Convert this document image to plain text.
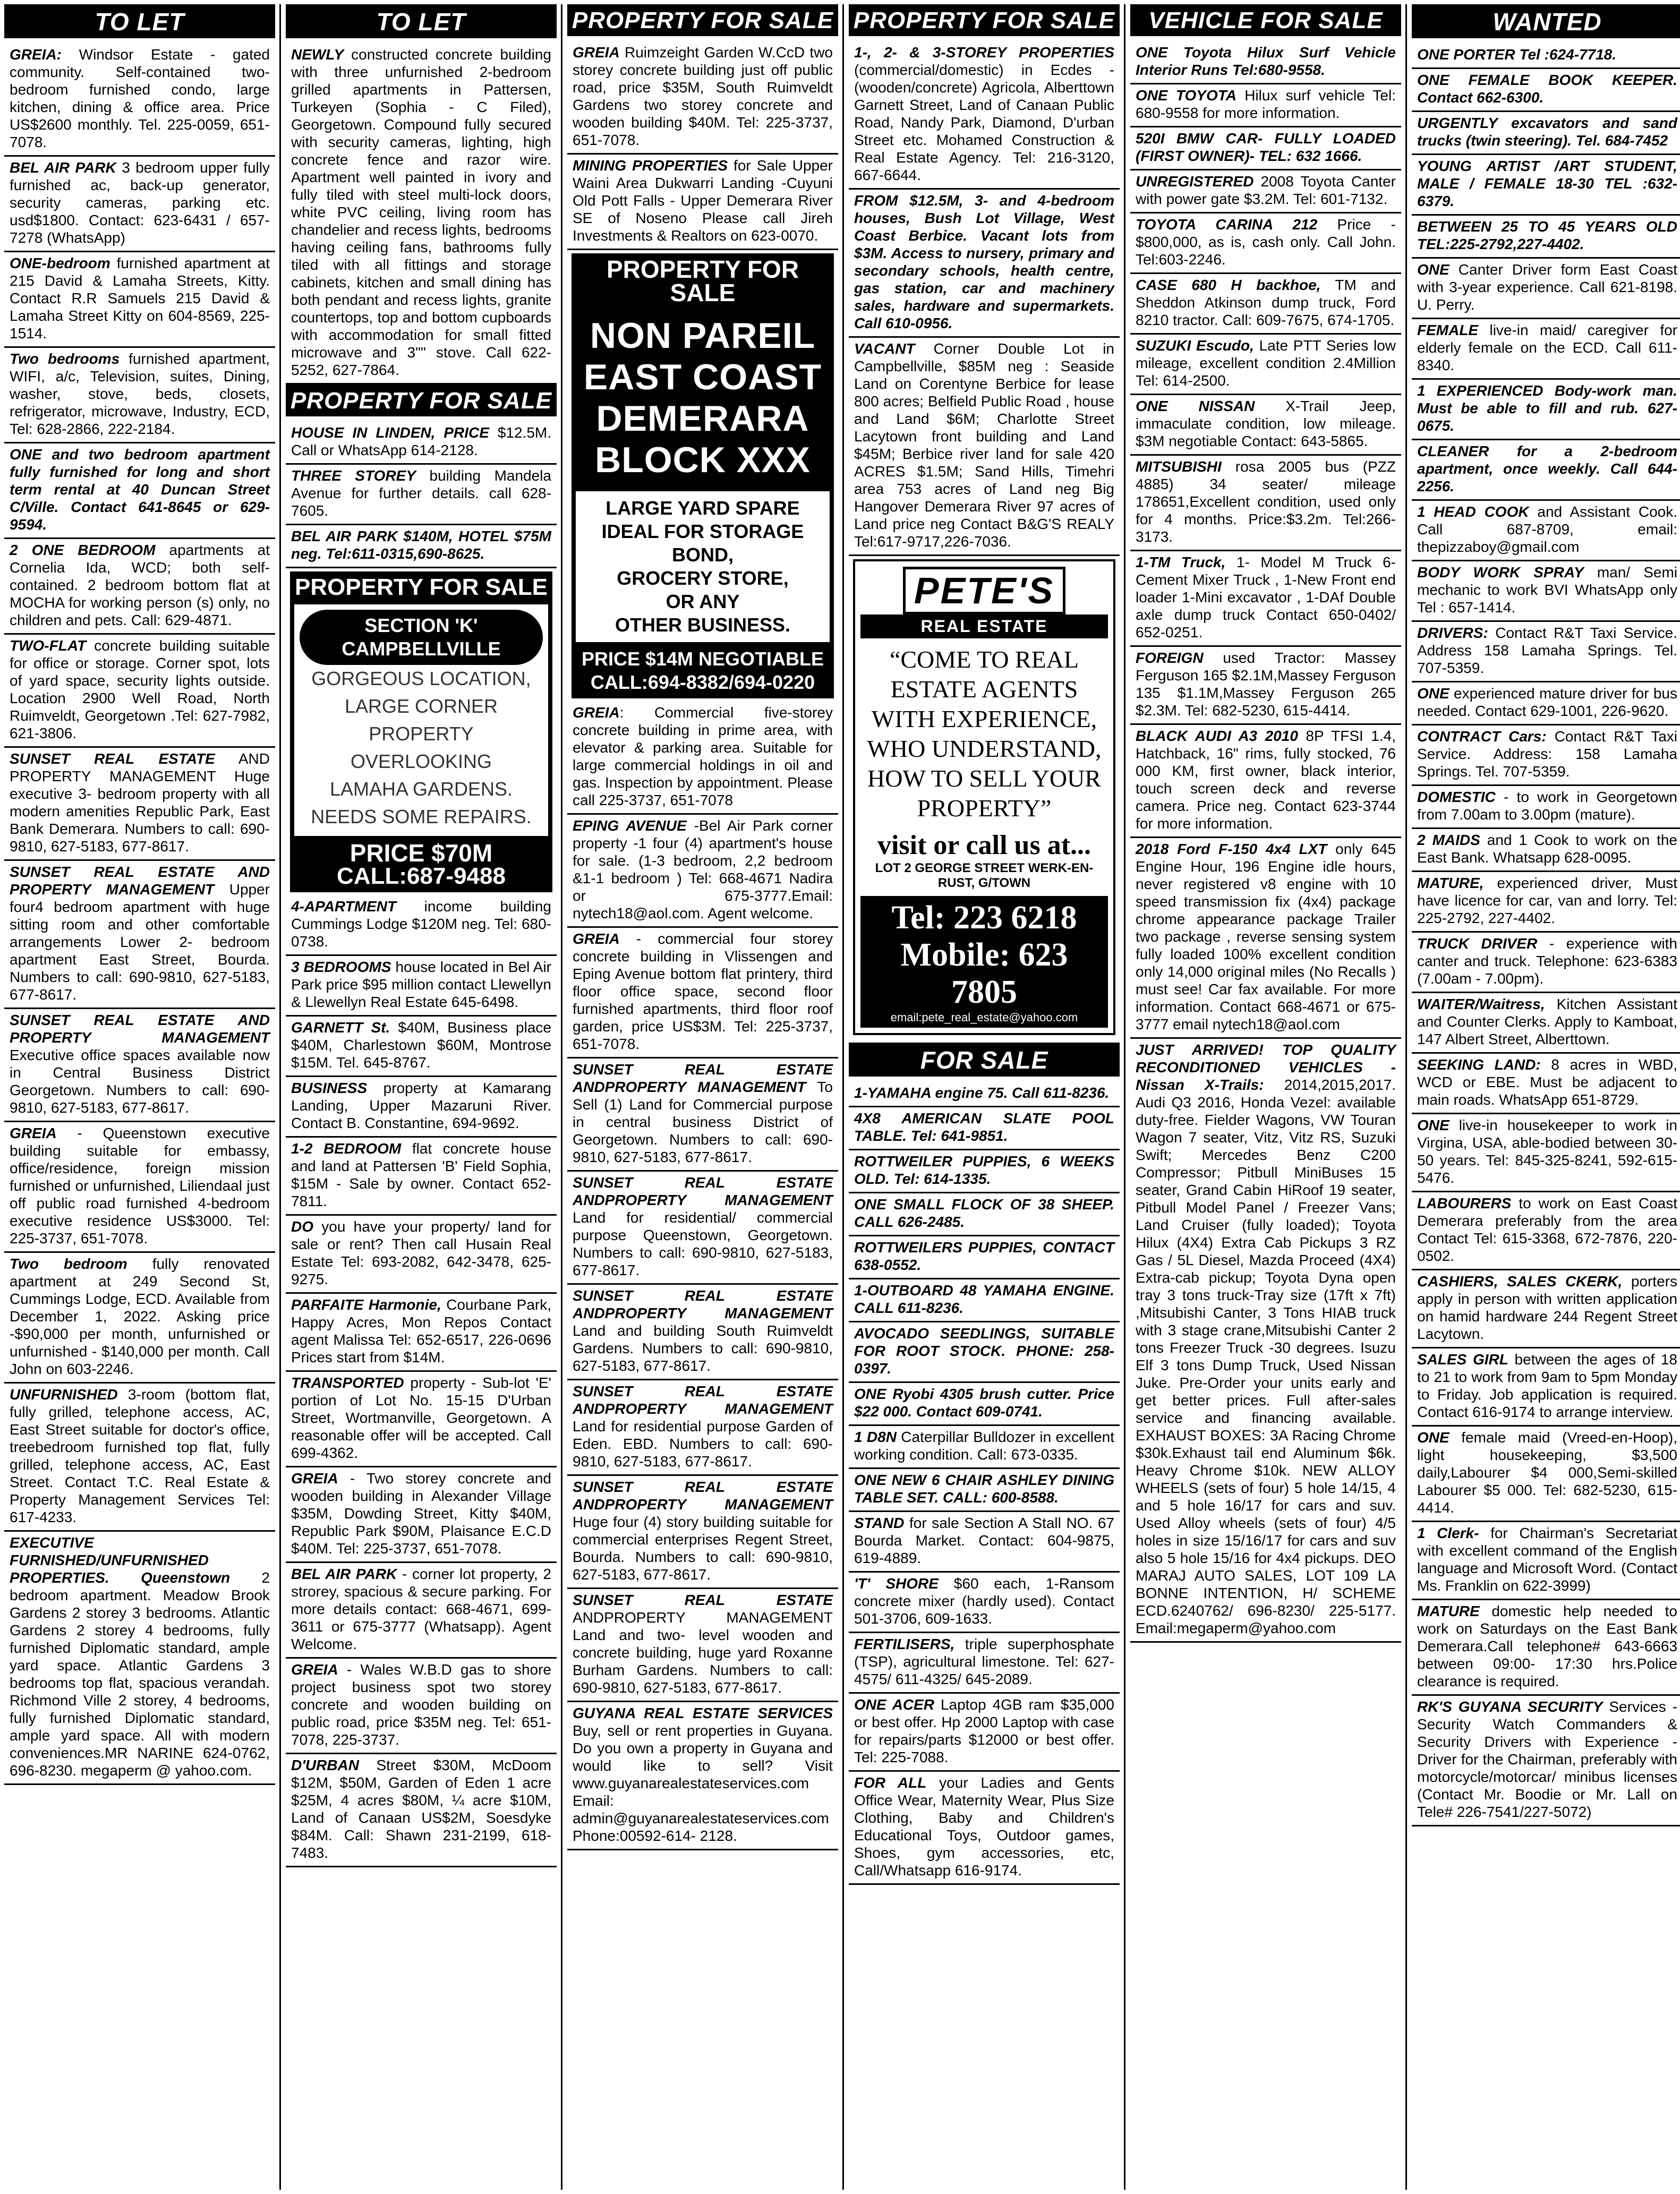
TO LET
GREIA: Windsor Estate - gated community. Self-contained two-bedroom furnished condo, large kitchen, dining & office area. Price US$2600 monthly. Tel. 225-0059, 651-7078.
BEL AIR PARK 3 bedroom upper fully furnished ac, back-up generator, security cameras, parking etc. usd$1800. Contact: 623-6431 / 657-7278 (WhatsApp)
ONE-bedroom furnished apartment at 215 David & Lamaha Streets, Kitty. Contact R.R Samuels 215 David & Lamaha Street Kitty on 604-8569, 225-1514.
Two bedrooms furnished apartment, WIFI, a/c, Television, suites, Dining, washer, stove, beds, closets, refrigerator, microwave, Industry, ECD, Tel: 628-2866, 222-2184.
ONE and two bedroom apartment fully furnished for long and short term rental at 40 Duncan Street C/Ville. Contact 641-8645 or 629-9594.
2 ONE BEDROOM apartments at Cornelia Ida, WCD; both self-contained. 2 bedroom bottom flat at MOCHA for working person (s) only, no children and pets. Call: 629-4871.
TWO-FLAT concrete building suitable for office or storage. Corner spot, lots of yard space, security lights outside. Location 2900 Well Road, North Ruimveldt, Georgetown .Tel: 627-7982, 621-3806.
SUNSET REAL ESTATE AND PROPERTY MANAGEMENT Huge executive 3- bedroom property with all modern amenities Republic Park, East Bank Demerara. Numbers to call: 690-9810, 627-5183, 677-8617.
SUNSET REAL ESTATE AND PROPERTY MANAGEMENT Upper four4 bedroom apartment with huge sitting room and other comfortable arrangements Lower 2- bedroom apartment East Street, Bourda. Numbers to call: 690-9810, 627-5183, 677-8617.
SUNSET REAL ESTATE AND PROPERTY MANAGEMENT Executive office spaces available now in Central Business District Georgetown. Numbers to call: 690-9810, 627-5183, 677-8617.
GREIA - Queenstown executive building suitable for embassy, office/residence, foreign mission furnished or unfurnished, Liliendaal just off public road furnished 4-bedroom executive residence US$3000. Tel: 225-3737, 651-7078.
Two bedroom fully renovated apartment at 249 Second St, Cummings Lodge, ECD. Available from December 1, 2022. Asking price -$90,000 per month, unfurnished or unfurnished - $140,000 per month. Call John on 603-2246.
UNFURNISHED 3-room (bottom flat, fully grilled, telephone access, AC, East Street suitable for doctor's office, treebedroom furnished top flat, fully grilled, telephone access, AC, East Street. Contact T.C. Real Estate & Property Management Services Tel: 617-4233.
EXECUTIVE FURNISHED/UNFURNISHED PROPERTIES. Queenstown 2 bedroom apartment. Meadow Brook Gardens 2 storey 3 bedrooms. Atlantic Gardens 2 storey 4 bedrooms, fully furnished Diplomatic standard, ample yard space. Atlantic Gardens 3 bedrooms top flat, spacious verandah. Richmond Ville 2 storey, 4 bedrooms, fully furnished Diplomatic standard, ample yard space. All with modern conveniences.MR NARINE 624-0762, 696-8230. megaperm @ yahoo.com.
TO LET
NEWLY constructed concrete building with three unfurnished 2-bedroom grilled apartments in Pattersen, Turkeyen (Sophia - C Filed), Georgetown. Compound fully secured with security cameras, lighting, high concrete fence and razor wire. Apartment well painted in ivory and fully tiled with steel multi-lock doors, white PVC ceiling, living room has chandelier and recess lights, bedrooms having ceiling fans, bathrooms fully tiled with all fittings and storage cabinets, kitchen and small dining has both pendant and recess lights, granite countertops, top and bottom cupboards with accommodation for small fitted microwave and 3"" stove. Call 622-5252, 627-7864.
PROPERTY FOR SALE
HOUSE IN LINDEN, PRICE $12.5M. Call or WhatsApp 614-2128.
THREE STOREY building Mandela Avenue for further details. call 628-7605.
BEL AIR PARK $140M, HOTEL $75M neg. Tel:611-0315,690-8625.
PROPERTY FOR SALE
SECTION 'K' CAMPBELLVILLE
GORGEOUS LOCATION,
LARGE CORNER
PROPERTY OVERLOOKING
LAMAHA GARDENS.
NEEDS SOME REPAIRS.
PRICE $70M
CALL:687-9488
4-APARTMENT income building Cummings Lodge $120M neg. Tel: 680-0738.
3 BEDROOMS house located in Bel Air Park price $95 million contact Llewellyn & Llewellyn Real Estate 645-6498.
GARNETT St. $40M, Business place $40M, Charlestown $60M, Montrose $15M. Tel. 645-8767.
BUSINESS property at Kamarang Landing, Upper Mazaruni River. Contact B. Constantine, 694-9692.
1-2 BEDROOM flat concrete house and land at Pattersen 'B' Field Sophia, $15M - Sale by owner. Contact 652-7811.
DO you have your property/ land for sale or rent? Then call Husain Real Estate Tel: 693-2082, 642-3478, 625-9275.
PARFAITE Harmonie, Courbane Park, Happy Acres, Mon Repos Contact agent Malissa Tel: 652-6517, 226-0696 Prices start from $14M.
TRANSPORTED property - Sub-lot 'E' portion of Lot No. 15-15 D'Urban Street, Wortmanville, Georgetown. A reasonable offer will be accepted. Call 699-4362.
GREIA - Two storey concrete and wooden building in Alexander Village $35M, Dowding Street, Kitty $40M, Republic Park $90M, Plaisance E.C.D $40M. Tel: 225-3737, 651-7078.
BEL AIR PARK - corner lot property, 2 strorey, spacious & secure parking. For more details contact: 668-4671, 699-3611 or 675-3777 (Whatsapp). Agent Welcome.
GREIA - Wales W.B.D gas to shore project business spot two storey concrete and wooden building on public road, price $35M neg. Tel: 651-7078, 225-3737.
D'URBAN Street $30M, McDoom $12M, $50M, Garden of Eden 1 acre $25M, 4 acres $80M, ¼ acre $10M, Land of Canaan US$2M, Soesdyke $84M. Call: Shawn 231-2199, 618-7483.
PROPERTY FOR SALE
GREIA Ruimzeight Garden W.CcD two storey concrete building just off public road, price $35M, South Ruimveldt Gardens two storey concrete and wooden building $40M. Tel: 225-3737, 651-7078.
MINING PROPERTIES for Sale Upper Waini Area Dukwarri Landing -Cuyuni Old Pott Falls - Upper Demerara River SE of Noseno Please call Jireh Investments & Realtors on 623-0070.
PROPERTY FOR SALE
NON PAREIL
EAST COAST
DEMERARA
BLOCK XXX
LARGE YARD SPARE
IDEAL FOR STORAGE
BOND,
GROCERY STORE,
OR ANY
OTHER BUSINESS.
PRICE $14M NEGOTIABLE
CALL:694-8382/694-0220
GREIA: Commercial five-storey concrete building in prime area, with elevator & parking area. Suitable for large commercial holdings in oil and gas. Inspection by appointment. Please call 225-3737, 651-7078
EPING AVENUE -Bel Air Park corner property -1 four (4) apartment's house for sale. (1-3 bedroom, 2,2 bedroom &1-1 bedroom ) Tel: 668-4671 Nadira or 675-3777.Email: nytech18@aol.com. Agent welcome.
GREIA - commercial four storey concrete building in Vlissengen and Eping Avenue bottom flat printery, third floor office space, second floor furnished apartments, third floor roof garden, price US$3M. Tel: 225-3737, 651-7078.
SUNSET REAL ESTATE ANDPROPERTY MANAGEMENT To Sell (1) Land for Commercial purpose in central business District of Georgetown. Numbers to call: 690-9810, 627-5183, 677-8617.
SUNSET REAL ESTATE ANDPROPERTY MANAGEMENT Land for residential/ commercial purpose Queenstown, Georgetown. Numbers to call: 690-9810, 627-5183, 677-8617.
SUNSET REAL ESTATE ANDPROPERTY MANAGEMENT Land and building South Ruimveldt Gardens. Numbers to call: 690-9810, 627-5183, 677-8617.
SUNSET REAL ESTATE ANDPROPERTY MANAGEMENT Land for residential purpose Garden of Eden. EBD. Numbers to call: 690-9810, 627-5183, 677-8617.
SUNSET REAL ESTATE ANDPROPERTY MANAGEMENT Huge four (4) story building suitable for commercial enterprises Regent Street, Bourda. Numbers to call: 690-9810, 627-5183, 677-8617.
SUNSET REAL ESTATE ANDPROPERTY MANAGEMENT Land and two- level wooden and concrete building, huge yard Roxanne Burham Gardens. Numbers to call: 690-9810, 627-5183, 677-8617.
GUYANA REAL ESTATE SERVICES Buy, sell or rent properties in Guyana. Do you own a property in Guyana and would like to sell? Visit www.guyanarealestateservices.com Email: admin@guyanarealestateservices.com Phone:00592-614- 2128.
PROPERTY FOR SALE
1-, 2- & 3-STOREY PROPERTIES (commercial/domestic) in Ecdes - (wooden/concrete) Agricola, Alberttown Garnett Street, Land of Canaan Public Road, Nandy Park, Diamond, D'urban Street etc. Mohamed Construction & Real Estate Agency. Tel: 216-3120, 667-6644.
FROM $12.5M, 3- and 4-bedroom houses, Bush Lot Village, West Coast Berbice. Vacant lots from $3M. Access to nursery, primary and secondary schools, health centre, gas station, car and machinery sales, hardware and supermarkets. Call 610-0956.
VACANT Corner Double Lot in Campbellville, $85M neg : Seaside Land on Corentyne Berbice for lease 800 acres; Belfield Public Road , house and Land $6M; Charlotte Street Lacytown front building and Land $45M; Berbice river land for sale 420 ACRES $1.5M; Sand Hills, Timehri area 753 acres of Land neg Big Hangover Demerara River 97 acres of Land price neg Contact B&G'S REALY Tel:617-9717,226-7036.
PETE'S
REAL ESTATE
“COME TO REAL ESTATE AGENTS WITH EXPERIENCE, WHO UNDERSTAND, HOW TO SELL YOUR PROPERTY”
visit or call us at...
LOT 2 GEORGE STREET WERK-EN-RUST, G/TOWN
Tel: 223 6218
Mobile: 623 7805
email:pete_real_estate@yahoo.com
FOR SALE
1-YAMAHA engine 75. Call 611-8236.
4X8 AMERICAN SLATE POOL TABLE. Tel: 641-9851.
ROTTWEILER PUPPIES, 6 WEEKS OLD. Tel: 614-1335.
ONE SMALL FLOCK OF 38 SHEEP. CALL 626-2485.
ROTTWEILERS PUPPIES, CONTACT 638-0552.
1-OUTBOARD 48 YAMAHA ENGINE. CALL 611-8236.
AVOCADO SEEDLINGS, SUITABLE FOR ROOT STOCK. PHONE: 258-0397.
ONE Ryobi 4305 brush cutter. Price $22 000. Contact 609-0741.
1 D8N Caterpillar Bulldozer in excellent working condition. Call: 673-0335.
ONE NEW 6 CHAIR ASHLEY DINING TABLE SET. CALL: 600-8588.
STAND for sale Section A Stall NO. 67 Bourda Market. Contact: 604-9875, 619-4889.
'T' SHORE $60 each, 1-Ransom concrete mixer (hardly used). Contact 501-3706, 609-1633.
FERTILISERS, triple superphosphate (TSP), agricultural limestone. Tel: 627-4575/ 611-4325/ 645-2089.
ONE ACER Laptop 4GB ram $35,000 or best offer. Hp 2000 Laptop with case for repairs/parts $12000 or best offer. Tel: 225-7088.
FOR ALL your Ladies and Gents Office Wear, Maternity Wear, Plus Size Clothing, Baby and Children's Educational Toys, Outdoor games, Shoes, gym accessories, etc, Call/Whatsapp 616-9174.
VEHICLE FOR SALE
ONE Toyota Hilux Surf Vehicle Interior Runs Tel:680-9558.
ONE TOYOTA Hilux surf vehicle Tel: 680-9558 for more information.
520I BMW CAR- FULLY LOADED (FIRST OWNER)- TEL: 632 1666.
UNREGISTERED 2008 Toyota Canter with power gate $3.2M. Tel: 601-7132.
TOYOTA CARINA 212 Price - $800,000, as is, cash only. Call John. Tel:603-2246.
CASE 680 H backhoe, TM and Sheddon Atkinson dump truck, Ford 8210 tractor. Call: 609-7675, 674-1705.
SUZUKI Escudo, Late PTT Series low mileage, excellent condition 2.4Million Tel: 614-2500.
ONE NISSAN X-Trail Jeep, immaculate condition, low mileage. $3M negotiable Contact: 643-5865.
MITSUBISHI rosa 2005 bus (PZZ 4885) 34 seater/ mileage 178651,Excellent condition, used only for 4 months. Price:$3.2m. Tel:266-3173.
1-TM Truck, 1- Model M Truck 6-Cement Mixer Truck , 1-New Front end loader 1-Mini excavator , 1-DAf Double axle dump truck Contact 650-0402/ 652-0251.
FOREIGN used Tractor: Massey Ferguson 165 $2.1M,Massey Ferguson 135 $1.1M,Massey Ferguson 265 $2.3M. Tel: 682-5230, 615-4414.
BLACK AUDI A3 2010 8P TFSI 1.4, Hatchback, 16" rims, fully stocked, 76 000 KM, first owner, black interior, touch screen deck and reverse camera. Price neg. Contact 623-3744 for more information.
2018 Ford F-150 4x4 LXT only 645 Engine Hour, 196 Engine idle hours, never registered v8 engine with 10 speed transmission fix (4x4) package chrome appearance package Trailer two package , reverse sensing system fully loaded 100% excellent condition only 14,000 original miles (No Recalls ) must see! Car fax available. For more information. Contact 668-4671 or 675-3777 email nytech18@aol.com
JUST ARRIVED! TOP QUALITY RECONDITIONED VEHICLES - Nissan X-Trails: 2014,2015,2017. Audi Q3 2016, Honda Vezel: available duty-free. Fielder Wagons, VW Touran Wagon 7 seater, Vitz, Vitz RS, Suzuki Swift; Mercedes Benz C200 Compressor; Pitbull MiniBuses 15 seater, Grand Cabin HiRoof 19 seater, Pitbull Model Panel / Freezer Vans; Land Cruiser (fully loaded); Toyota Hilux (4X4) Extra Cab Pickups 3 RZ Gas / 5L Diesel, Mazda Proceed (4X4) Extra-cab pickup; Toyota Dyna open tray 3 tons truck-Tray size (17ft x 7ft) ,Mitsubishi Canter, 3 Tons HIAB truck with 3 stage crane,Mitsubishi Canter 2 tons Freezer Truck -30 degrees. Isuzu Elf 3 tons Dump Truck, Used Nissan Juke. Pre-Order your units early and get better prices. Full after-sales service and financing available. EXHAUST BOXES: 3A Racing Chrome $30k.Exhaust tail end Aluminum $6k. Heavy Chrome $10k. NEW ALLOY WHEELS (sets of four) 5 hole 14/15, 4 and 5 hole 16/17 for cars and suv. Used Alloy wheels (sets of four) 4/5 holes in size 15/16/17 for cars and suv also 5 hole 15/16 for 4x4 pickups. DEO MARAJ AUTO SALES, LOT 109 LA BONNE INTENTION, H/ SCHEME ECD.6240762/ 696-8230/ 225-5177. Email:megaperm@yahoo.com
WANTED
ONE PORTER Tel :624-7718.
ONE FEMALE BOOK KEEPER. Contact 662-6300.
URGENTLY excavators and sand trucks (twin steering). Tel. 684-7452
YOUNG ARTIST /ART STUDENT, MALE / FEMALE 18-30 TEL :632-6379.
BETWEEN 25 TO 45 YEARS OLD TEL:225-2792,227-4402.
ONE Canter Driver form East Coast with 3-year experience. Call 621-8198. U. Perry.
FEMALE live-in maid/ caregiver for elderly female on the ECD. Call 611-8340.
1 EXPERIENCED Body-work man. Must be able to fill and rub. 627-0675.
CLEANER for a 2-bedroom apartment, once weekly. Call 644-2256.
1 HEAD COOK and Assistant Cook. Call 687-8709, email: thepizzaboy@gmail.com
BODY WORK SPRAY man/ Semi mechanic to work BVI WhatsApp only Tel : 657-1414.
DRIVERS: Contact R&T Taxi Service. Address 158 Lamaha Springs. Tel. 707-5359.
ONE experienced mature driver for bus needed. Contact 629-1001, 226-9620.
CONTRACT Cars: Contact R&T Taxi Service. Address: 158 Lamaha Springs. Tel. 707-5359.
DOMESTIC - to work in Georgetown from 7.00am to 3.00pm (mature).
2 MAIDS and 1 Cook to work on the East Bank. Whatsapp 628-0095.
MATURE, experienced driver, Must have licence for car, van and lorry. Tel: 225-2792, 227-4402.
TRUCK DRIVER - experience with canter and truck. Telephone: 623-6383 (7.00am - 7.00pm).
WAITER/Waitress, Kitchen Assistant and Counter Clerks. Apply to Kamboat, 147 Albert Street, Alberttown.
SEEKING LAND: 8 acres in WBD, WCD or EBE. Must be adjacent to main roads. WhatsApp 651-8729.
ONE live-in housekeeper to work in Virgina, USA, able-bodied between 30-50 years. Tel: 845-325-8241, 592-615-5476.
LABOURERS to work on East Coast Demerara preferably from the area Contact Tel: 615-3368, 672-7876, 220-0502.
CASHIERS, SALES CKERK, porters apply in person with written application on hamid hardware 244 Regent Street Lacytown.
SALES GIRL between the ages of 18 to 21 to work from 9am to 5pm Monday to Friday. Job application is required. Contact 616-9174 to arrange interview.
ONE female maid (Vreed-en-Hoop), light housekeeping, $3,500 daily,Labourer $4 000,Semi-skilled Labourer $5 000. Tel: 682-5230, 615-4414.
1 Clerk- for Chairman's Secretariat with excellent command of the English language and Microsoft Word. (Contact Ms. Franklin on 622-3999)
MATURE domestic help needed to work on Saturdays on the East Bank Demerara.Call telephone# 643-6663 between 09:00- 17:30 hrs.Police clearance is required.
RK'S GUYANA SECURITY Services -Security Watch Commanders & Security Drivers with Experience - Driver for the Chairman, preferably with motorcycle/motorcar/ minibus licenses (Contact Mr. Boodie or Mr. Lall on Tele# 226-7541/227-5072)
